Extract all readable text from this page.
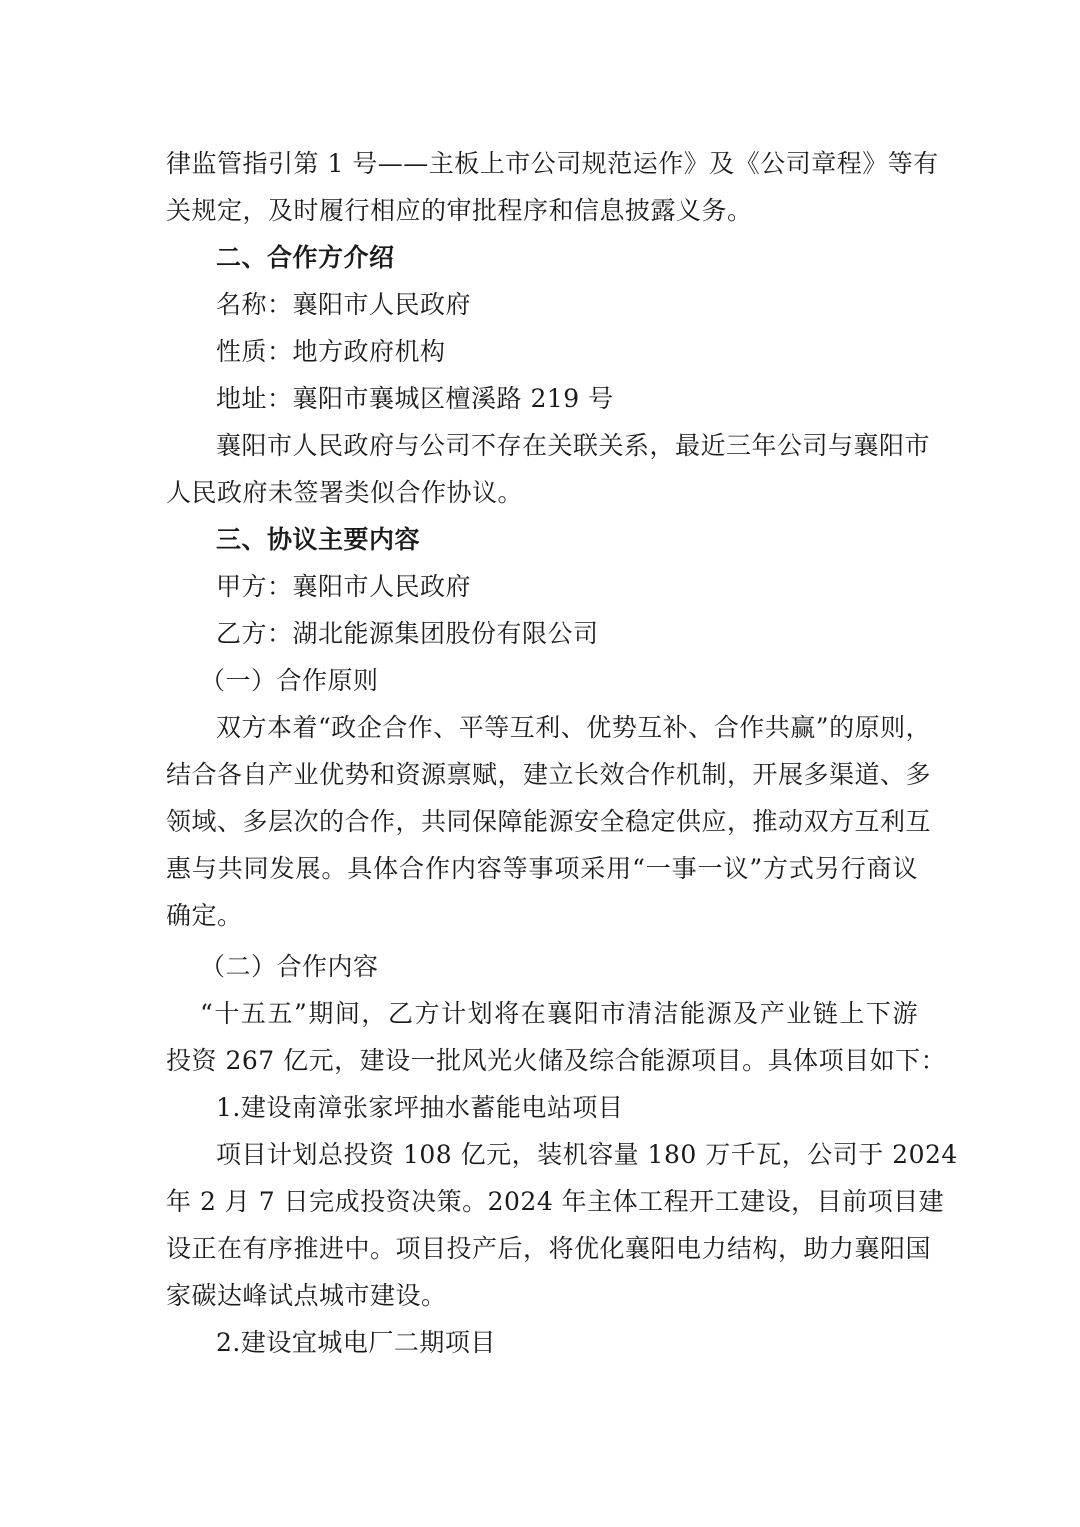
律监管指引第 1 号——主板上市公司规范运作》及《公司章程》等有
关规定，及时履行相应的审批程序和信息披露义务。
二、合作方介绍
名称：襄阳市人民政府
性质：地方政府机构
地址：襄阳市襄城区檀溪路 219 号
襄阳市人民政府与公司不存在关联关系，最近三年公司与襄阳市
人民政府未签署类似合作协议。
三、协议主要内容
甲方：襄阳市人民政府
乙方：湖北能源集团股份有限公司
（一）合作原则
双方本着“政企合作、平等互利、优势互补、合作共赢”的原则，
结合各自产业优势和资源禀赋，建立长效合作机制，开展多渠道、多
领域、多层次的合作，共同保障能源安全稳定供应，推动双方互利互
惠与共同发展。具体合作内容等事项采用“一事一议”方式另行商议
确定。
（二）合作内容
“十五五”期间，乙方计划将在襄阳市清洁能源及产业链上下游
投资 267 亿元，建设一批风光火储及综合能源项目。具体项目如下：
1.建设南漳张家坪抽水蓄能电站项目
项目计划总投资 108 亿元，装机容量 180 万千瓦，公司于 2024
年 2 月 7 日完成投资决策。2024 年主体工程开工建设，目前项目建
设正在有序推进中。项目投产后，将优化襄阳电力结构，助力襄阳国
家碳达峰试点城市建设。
2.建设宜城电厂二期项目
